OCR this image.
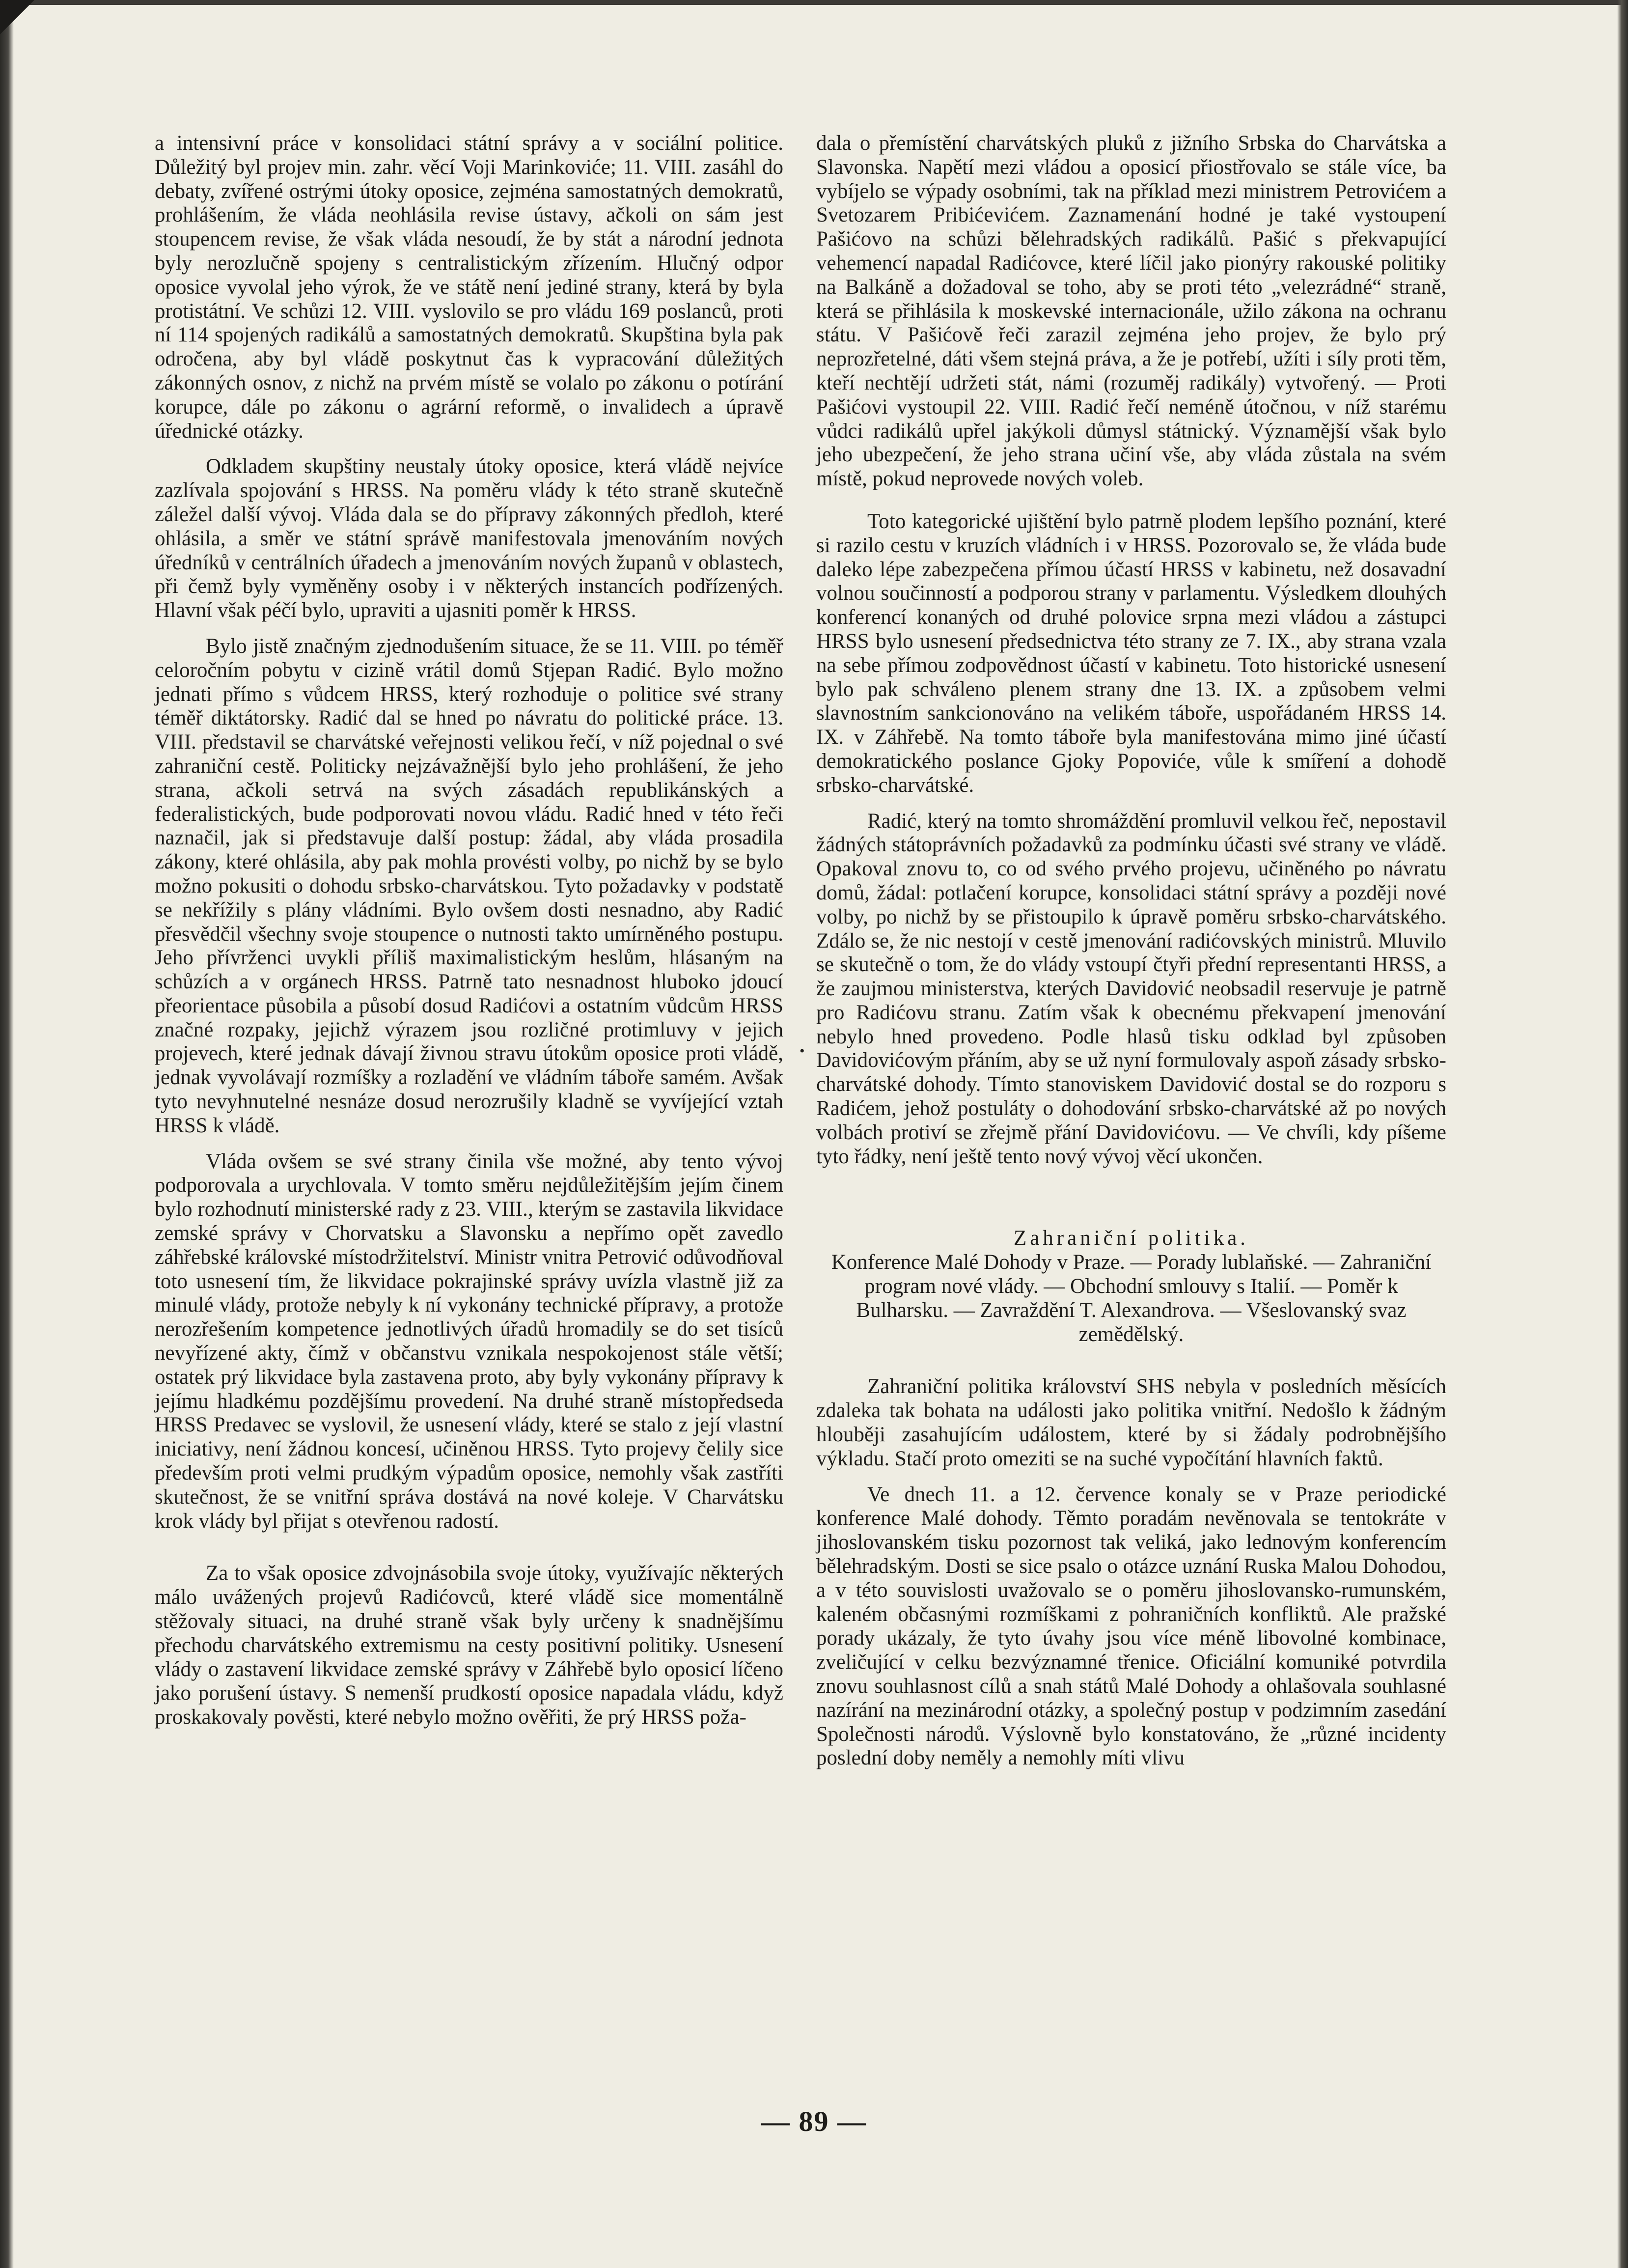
a intensivní práce v konsolidaci státní správy a v sociální politice. Důležitý byl projev min. zahr. věcí Voji Marinkoviće; 11. VIII. zasáhl do debaty, zvířené ostrými útoky oposice, zejména samostatných demokratů, prohlášením, že vláda neohlásila revise ústavy, ačkoli on sám jest stoupencem revise, že však vláda nesoudí, že by stát a národní jednota byly nerozlučně spojeny s centralistickým zřízením. Hlučný odpor oposice vyvolal jeho výrok, že ve státě není jediné strany, která by byla protistátní. Ve schůzi 12. VIII. vyslovilo se pro vládu 169 poslanců, proti ní 114 spojených radikálů a samostatných demokratů. Skupština byla pak odročena, aby byl vládě poskytnut čas k vypracování důležitých zákonných osnov, z nichž na prvém místě se volalo po zákonu o potírání korupce, dále po zákonu o agrární reformě, o invalidech a úpravě úřednické otázky.

Odkladem skupštiny neustaly útoky oposice, která vládě nejvíce zazlívala spojování s HRSS. Na poměru vlády k této straně skutečně záležel další vývoj. Vláda dala se do přípravy zákonných předloh, které ohlásila, a směr ve státní správě manifestovala jmenováním nových úředníků v centrálních úřadech a jmenováním nových županů v oblastech, při čemž byly vyměněny osoby i v některých instancích podřízených. Hlavní však péčí bylo, upraviti a ujasniti poměr k HRSS.

Bylo jistě značným zjednodušením situace, že se 11. VIII. po téměř celoročním pobytu v cizině vrátil domů Stjepan Radić. Bylo možno jednati přímo s vůdcem HRSS, který rozhoduje o politice své strany téměř diktátorsky. Radić dal se hned po návratu do politické práce. 13. VIII. představil se charvátské veřejnosti velikou řečí, v níž pojednal o své zahraniční cestě. Politicky nejzávažnější bylo jeho prohlášení, že jeho strana, ačkoli setrvá na svých zásadách republikánských a federalistických, bude podporovati novou vládu. Radić hned v této řeči naznačil, jak si představuje další postup: žádal, aby vláda prosadila zákony, které ohlásila, aby pak mohla provésti volby, po nichž by se bylo možno pokusiti o dohodu srbsko-charvátskou. Tyto požadavky v podstatě se nekřížily s plány vládními. Bylo ovšem dosti nesnadno, aby Radić přesvědčil všechny svoje stoupence o nutnosti takto umírněného postupu. Jeho přívrženci uvykli příliš maximalistickým heslům, hlásaným na schůzích a v orgánech HRSS. Patrně tato nesnadnost hluboko jdoucí přeorientace působila a působí dosud Radićovi a ostatním vůdcům HRSS značné rozpaky, jejichž výrazem jsou rozličné protimluvy v jejich projevech, které jednak dávají živnou stravu útokům oposice proti vládě, jednak vyvolávají rozmíšky a rozladění ve vládním táboře samém. Avšak tyto nevyhnutelné nesnáze dosud nerozrušily kladně se vyvíjející vztah HRSS k vládě.

Vláda ovšem se své strany činila vše možné, aby tento vývoj podporovala a urychlovala. V tomto směru nejdůležitějším jejím činem bylo rozhodnutí ministerské rady z 23. VIII., kterým se zastavila likvidace zemské správy v Chorvatsku a Slavonsku a nepřímo opět zavedlo záhřebské královské místodržitelství. Ministr vnitra Petrović odůvodňoval toto usnesení tím, že likvidace pokrajinské správy uvízla vlastně již za minulé vlády, protože nebyly k ní vykonány technické přípravy, a protože nerozřešením kompetence jednotlivých úřadů hromadily se do set tisíců nevyřízené akty, čímž v občanstvu vznikala nespokojenost stále větší; ostatek prý likvidace byla zastavena proto, aby byly vykonány přípravy k jejímu hladkému pozdějšímu provedení. Na druhé straně místopředseda HRSS Predavec se vyslovil, že usnesení vlády, které se stalo z její vlastní iniciativy, není žádnou koncesí, učiněnou HRSS. Tyto projevy čelily sice především proti velmi prudkým výpadům oposice, nemohly však zastříti skutečnost, že se vnitřní správa dostává na nové koleje. V Charvátsku krok vlády byl přijat s otevřenou radostí.

Za to však oposice zdvojnásobila svoje útoky, využívajíc některých málo uvážených projevů Radićovců, které vládě sice momentálně stěžovaly situaci, na druhé straně však byly určeny k snadnějšímu přechodu charvátského extremismu na cesty positivní politiky. Usnesení vlády o zastavení likvidace zemské správy v Záhřebě bylo oposicí líčeno jako porušení ústavy. S nemenší prudkostí oposice napadala vládu, když proskakovaly pověsti, které nebylo možno ověřiti, že prý HRSS poža-

•

dala o přemístění charvátských pluků z jižního Srbska do Charvátska a Slavonska. Napětí mezi vládou a oposicí přiostřovalo se stále více, ba vybíjelo se výpady osobními, tak na příklad mezi ministrem Petrovićem a Svetozarem Pribićevićem. Zaznamenání hodné je také vystoupení Pašićovo na schůzi bělehradských radikálů. Pašić s překvapující vehemencí napadal Radićovce, které líčil jako pionýry rakouské politiky na Balkáně a dožadoval se toho, aby se proti této „velezrádné“ straně, která se přihlásila k moskevské internacionále, užilo zákona na ochranu státu. V Pašićově řeči zarazil zejména jeho projev, že bylo prý neprozřetelné, dáti všem stejná práva, a že je potřebí, užíti i síly proti těm, kteří nechtějí udržeti stát, námi (rozuměj radikály) vytvořený. — Proti Pašićovi vystoupil 22. VIII. Radić řečí neméně útočnou, v níž starému vůdci radikálů upřel jakýkoli důmysl státnický. Významější však bylo jeho ubezpečení, že jeho strana učiní vše, aby vláda zůstala na svém místě, pokud neprovede nových voleb.

Toto kategorické ujištění bylo patrně plodem lepšího poznání, které si razilo cestu v kruzích vládních i v HRSS. Pozorovalo se, že vláda bude daleko lépe zabezpečena přímou účastí HRSS v kabinetu, než dosavadní volnou součinností a podporou strany v parlamentu. Výsledkem dlouhých konferencí konaných od druhé polovice srpna mezi vládou a zástupci HRSS bylo usnesení předsednictva této strany ze 7. IX., aby strana vzala na sebe přímou zodpovědnost účastí v kabinetu. Toto historické usnesení bylo pak schváleno plenem strany dne 13. IX. a způsobem velmi slavnostním sankcionováno na velikém táboře, uspořádaném HRSS 14. IX. v Záhřebě. Na tomto táboře byla manifestována mimo jiné účastí demokratického poslance Gjoky Popoviće, vůle k smíření a dohodě srbsko-charvátské.

Radić, který na tomto shromáždění promluvil velkou řeč, nepostavil žádných státoprávních požadavků za podmínku účasti své strany ve vládě. Opakoval znovu to, co od svého prvého projevu, učiněného po návratu domů, žádal: potlačení korupce, konsolidaci státní správy a později nové volby, po nichž by se přistoupilo k úpravě poměru srbsko-charvátského. Zdálo se, že nic nestojí v cestě jmenování radićovských ministrů. Mluvilo se skutečně o tom, že do vlády vstoupí čtyři přední representanti HRSS, a že zaujmou ministerstva, kterých Davidović neobsadil reservuje je patrně pro Radićovu stranu. Zatím však k obecnému překvapení jmenování nebylo hned provedeno. Podle hlasů tisku odklad byl způsoben Davidovićovým přáním, aby se už nyní formulovaly aspoň zásady srbsko-charvátské dohody. Tímto stanoviskem Davidović dostal se do rozporu s Radićem, jehož postuláty o dohodování srbsko-charvátské až po nových volbách protiví se zřejmě přání Davidovićovu. — Ve chvíli, kdy píšeme tyto řádky, není ještě tento nový vývoj věcí ukončen.

Zahraniční politika.

Konference Malé Dohody v Praze. — Porady lublaňské. — Zahraniční program nové vlády. — Obchodní smlouvy s Italií. — Poměr k Bulharsku. — Zavraždění T. Alexandrova. — Všeslovanský svaz zemědělský.

Zahraniční politika království SHS nebyla v posledních měsících zdaleka tak bohata na události jako politika vnitřní. Nedošlo k žádným hlouběji zasahujícím událostem, které by si žádaly podrobnějšího výkladu. Stačí proto omeziti se na suché vypočítání hlavních faktů.

Ve dnech 11. a 12. července konaly se v Praze periodické konference Malé dohody. Těmto poradám nevěnovala se tentokráte v jihoslovanském tisku pozornost tak veliká, jako lednovým konferencím bělehradským. Dosti se sice psalo o otázce uznání Ruska Malou Dohodou, a v této souvislosti uvažovalo se o poměru jihoslovansko-rumunském, kaleném občasnými rozmíškami z pohraničních konfliktů. Ale pražské porady ukázaly, že tyto úvahy jsou více méně libovolné kombinace, zveličující v celku bezvýznamné třenice. Oficiální komuniké potvrdila znovu souhlasnost cílů a snah států Malé Dohody a ohlašovala souhlasné nazírání na mezinárodní otázky, a společný postup v podzimním zasedání Společnosti národů. Výslovně bylo konstatováno, že „různé incidenty poslední doby neměly a nemohly míti vlivu

— 89 —
